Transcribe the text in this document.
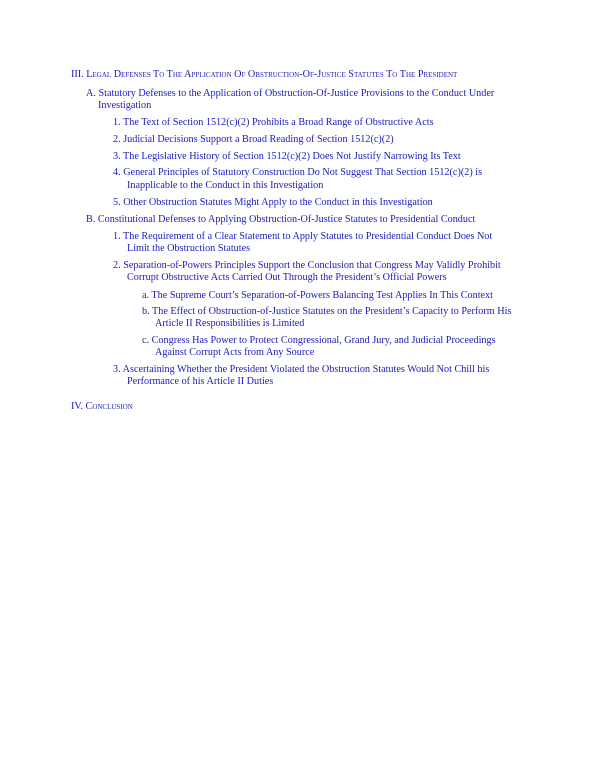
III. Legal Defenses To The Application Of Obstruction-Of-Justice Statutes To The President
A. Statutory Defenses to the Application of Obstruction-Of-Justice Provisions to the Conduct Under
Investigation
1. The Text of Section 1512(c)(2) Prohibits a Broad Range of Obstructive Acts
2. Judicial Decisions Support a Broad Reading of Section 1512(c)(2)
3. The Legislative History of Section 1512(c)(2) Does Not Justify Narrowing Its Text
4. General Principles of Statutory Construction Do Not Suggest That Section 1512(c)(2) is
Inapplicable to the Conduct in this Investigation
5. Other Obstruction Statutes Might Apply to the Conduct in this Investigation
B. Constitutional Defenses to Applying Obstruction-Of-Justice Statutes to Presidential Conduct
1. The Requirement of a Clear Statement to Apply Statutes to Presidential Conduct Does Not
Limit the Obstruction Statutes
2. Separation-of-Powers Principles Support the Conclusion that Congress May Validly Prohibit
Corrupt Obstructive Acts Carried Out Through the President’s Official Powers
a. The Supreme Court’s Separation-of-Powers Balancing Test Applies In This Context
b. The Effect of Obstruction-of-Justice Statutes on the President’s Capacity to Perform His
Article II Responsibilities is Limited
c. Congress Has Power to Protect Congressional, Grand Jury, and Judicial Proceedings
Against Corrupt Acts from Any Source
3. Ascertaining Whether the President Violated the Obstruction Statutes Would Not Chill his
Performance of his Article II Duties
IV. Conclusion
